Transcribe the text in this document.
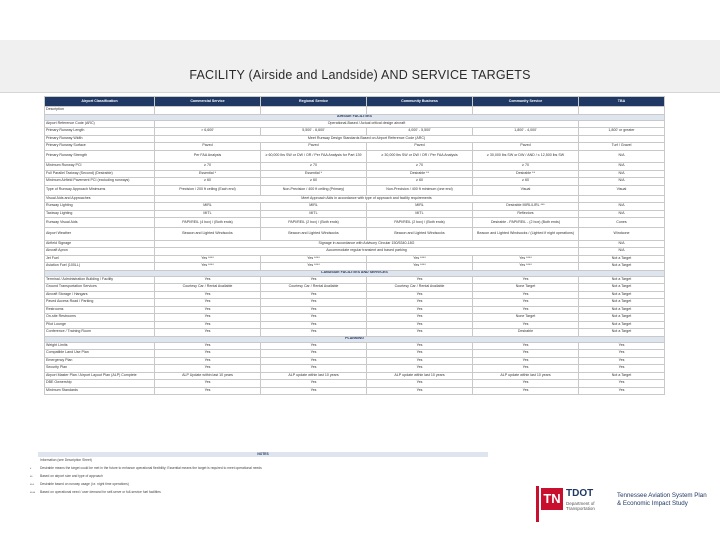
FACILITY (Airside and Landside) AND SERVICE TARGETS
Airport Classification	Commercial Service	Regional Service	Community Business	Community Service	TBA
Description					
AIRSIDE FACILITIES					
Airport Reference Code (ARC)	Operational-Based / Actual critical design aircraft				
Primary Runway Length	> 6,600'	5,500' - 6,600'	4,000' - 5,500'	1,800' - 4,000'	1,800' or greater
Primary Runway Width	Meet Runway Design Standards Based on Airport Reference Code (ARC)				
Primary Runway Surface	Paved	Paved	Paved	Paved	Turf / Gravel
Primary Runway Strength	Per FAA Analysis	≥ 60,000 lbs SW or DW / OR / Per FAA Analysis for Part 139	≥ 30,000 lbs SW or DW / OR / Per FAA Analysis	≥ 30,000 lbs SW or DW / AND / ≤ 12,500 lbs SW	N/A
Minimum Runway PCI	≥ 70	≥ 70	≥ 70	≥ 70	N/A
Full Parallel Taxiway (Second) (Desirable)	Essential *	Essential *	Desirable **	Desirable **	N/A
Minimum Airfield Pavement PCI (excluding runways)	≥ 60	≥ 60	≥ 60	≥ 60	N/A
Type of Runway Approach Minimums	Precision / 200 ft ceiling (Each end)	Non-Precision / 400 ft ceiling (Primary)	Non-Precision / 400 ft minimum (one end)	Visual	Visual
Visual Aids and Approaches	Meet Approach Aids in accordance with type of approach and facility requirements				
Runway Lighting	MIRL	MIRL	MIRL	Desirable MIRL/LIRL ***	N/A
Taxiway Lighting	MITL	MITL	MITL	Reflectors	N/A
Runway Visual Aids	PAPI/REIL (4 box) / (Both ends)	PAPI/REIL (2 box) / (Both ends)	PAPI/REIL (2 box) / (Both ends)	Desirable - PAPI/REIL - (2 box) (Both ends)	Cones
Airport Weather	Beacon and Lighted Windsocks	Beacon and Lighted Windsocks	Beacon and Lighted Windsocks	Beacon and Lighted Windsocks / (Lighted if night operations)	Windcone
Airfield Signage	Signage in accordance with Advisory Circular 150/5340-18G				N/A
Aircraft Apron	Accommodate regular transient and based parking				N/A
Jet Fuel	Yes ****	Yes ****	Yes ****	Yes ****	Not a Target
Aviation Fuel (100LL)	Yes ****	Yes ****	Yes ****	Yes ****	Not a Target
LANDSIDE FACILITIES AND SERVICES					
Terminal / Administration Building / Facility	Yes	Yes	Yes	Yes	Not a Target
Ground Transportation Services	Courtesy Car / Rental Available	Courtesy Car / Rental Available	Courtesy Car / Rental Available	None Target	Not a Target
Aircraft Storage / Hangars	Yes	Yes	Yes	Yes	Not a Target
Paved Access Road / Parking	Yes	Yes	Yes	Yes	Not a Target
Restrooms	Yes	Yes	Yes	Yes	Not a Target
On-site Restrooms	Yes	Yes	Yes	None Target	Not a Target
Pilot Lounge	Yes	Yes	Yes	Yes	Not a Target
Conference / Training Room	Yes	Yes	Yes	Desirable	Not a Target
PLANNING					
Weight Limits	Yes	Yes	Yes	Yes	Yes
Compatible Land Use Plan	Yes	Yes	Yes	Yes	Yes
Emergency Plan	Yes	Yes	Yes	Yes	Yes
Security Plan	Yes	Yes	Yes	Yes	Yes
Airport Master Plan / Airport Layout Plan (ALP) Complete	ALP Update within last 10 years	ALP update within last 10 years	ALP update within last 10 years	ALP update within last 10 years	Not a Target
DBE Ownership	Yes	Yes	Yes	Yes	Yes
Minimum Standards	Yes	Yes	Yes	Yes	Yes
NOTES
Information (see Description Sheet)
*	Desirable means the target could be met in the future to enhance operational flexibility; Essential means the target is required to meet operational needs
**	Based on airport size and type of approach
***	Desirable based on runway usage (i.e. night time operations)
****	Based on operational need / user demand for self-serve or full-service fuel facilities	TN TDOT
Department of Transportation
Tennessee Aviation System Plan & Economic Impact Study
